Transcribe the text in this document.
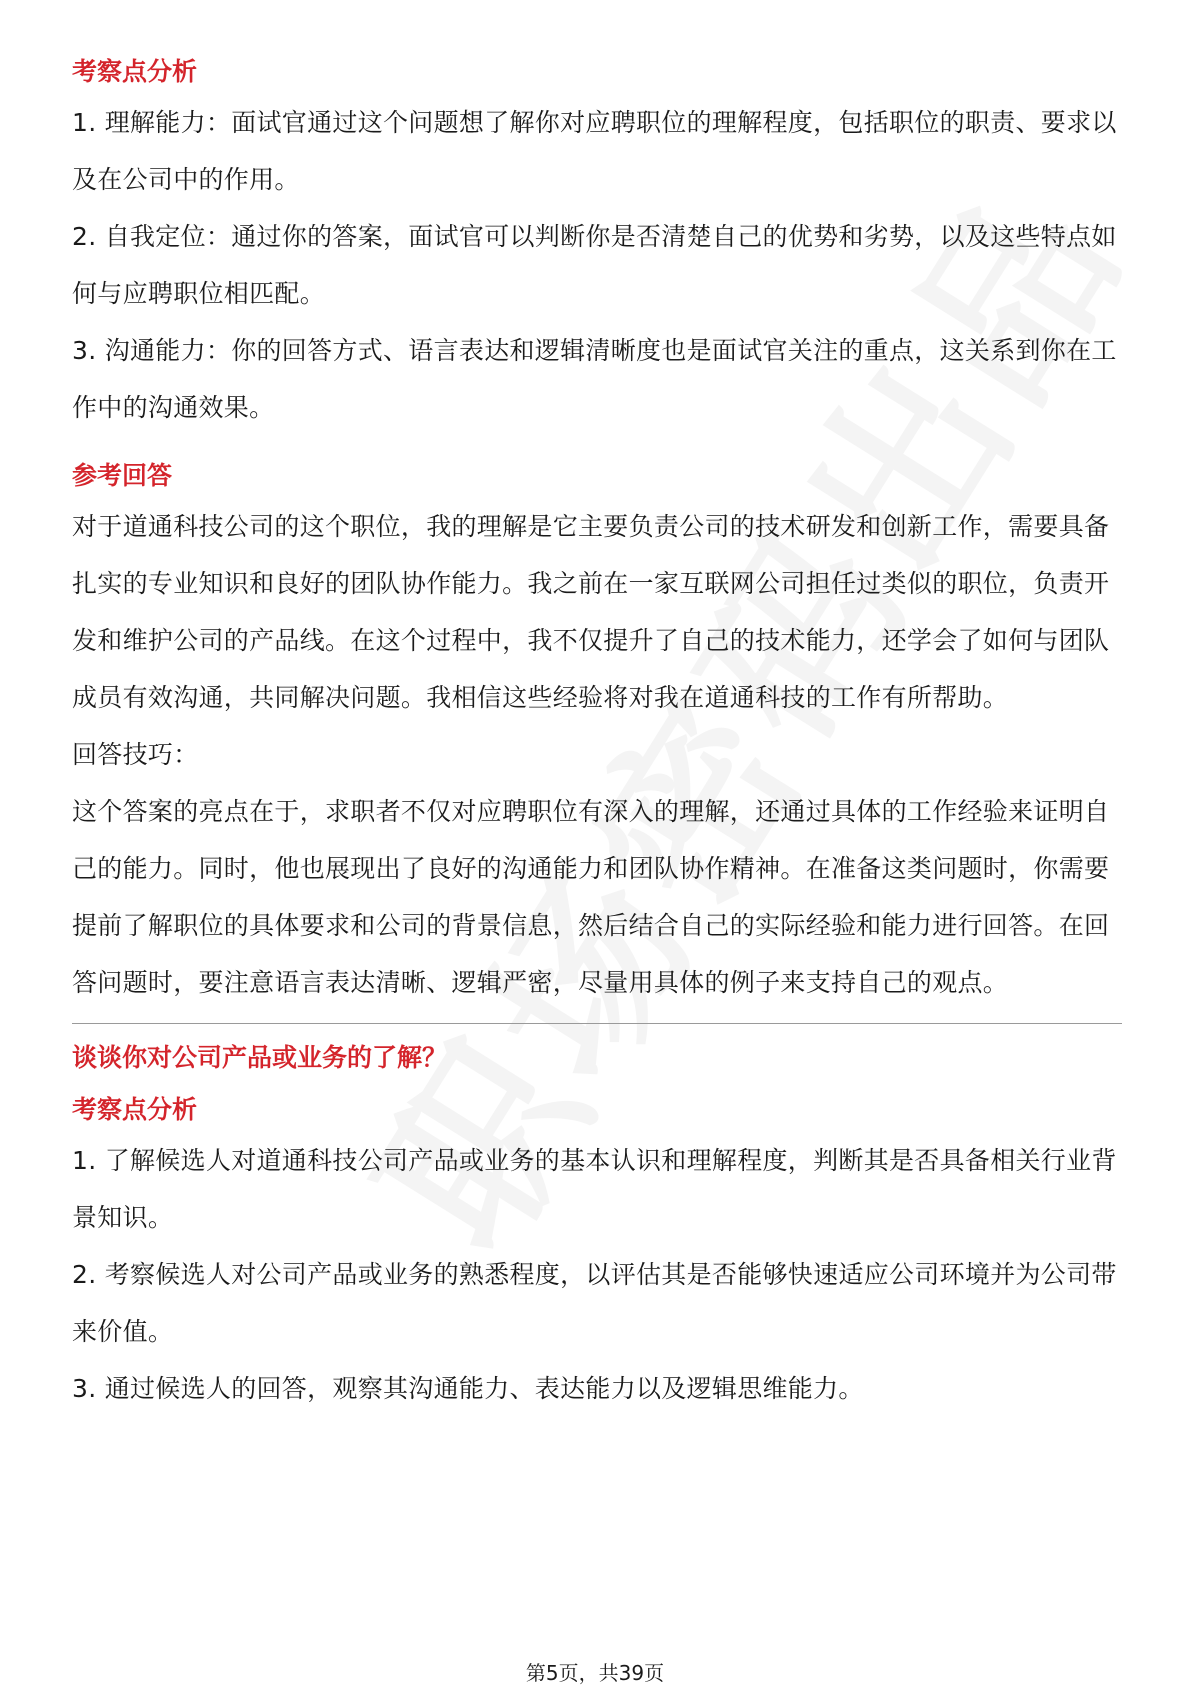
考察点分析

1. 理解能力：面试官通过这个问题想了解你对应聘职位的理解程度，包括职位的职责、要求以及在公司中的作用。

2. 自我定位：通过你的答案，面试官可以判断你是否清楚自己的优势和劣势，以及这些特点如何与应聘职位相匹配。

3. 沟通能力：你的回答方式、语言表达和逻辑清晰度也是面试官关注的重点，这关系到你在工作中的沟通效果。

参考回答

对于道通科技公司的这个职位，我的理解是它主要负责公司的技术研发和创新工作，需要具备扎实的专业知识和良好的团队协作能力。我之前在一家互联网公司担任过类似的职位，负责开发和维护公司的产品线。在这个过程中，我不仅提升了自己的技术能力，还学会了如何与团队成员有效沟通，共同解决问题。我相信这些经验将对我在道通科技的工作有所帮助。

回答技巧：

这个答案的亮点在于，求职者不仅对应聘职位有深入的理解，还通过具体的工作经验来证明自己的能力。同时，他也展现出了良好的沟通能力和团队协作精神。在准备这类问题时，你需要提前了解职位的具体要求和公司的背景信息，然后结合自己的实际经验和能力进行回答。在回答问题时，要注意语言表达清晰、逻辑严密，尽量用具体的例子来支持自己的观点。

谈谈你对公司产品或业务的了解？

考察点分析

1. 了解候选人对道通科技公司产品或业务的基本认识和理解程度，判断其是否具备相关行业背景知识。

2. 考察候选人对公司产品或业务的熟悉程度，以评估其是否能够快速适应公司环境并为公司带来价值。

3. 通过候选人的回答，观察其沟通能力、表达能力以及逻辑思维能力。

第5页，共39页
